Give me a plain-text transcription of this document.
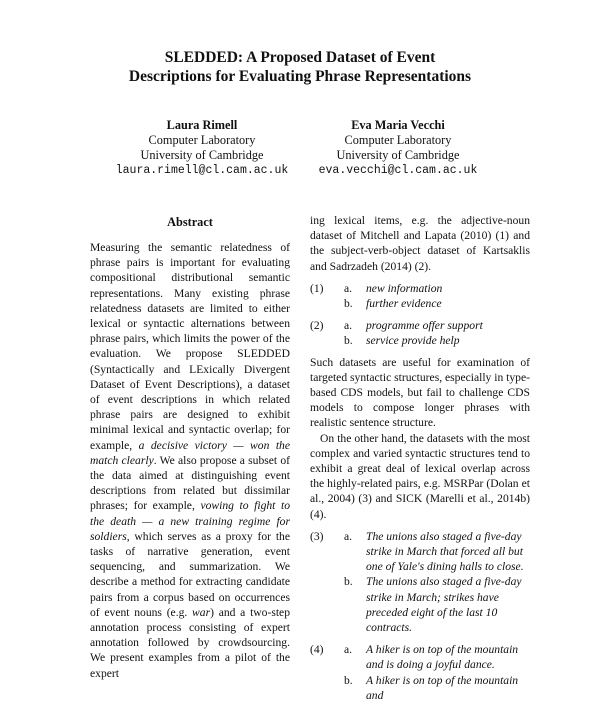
SLEDDED: A Proposed Dataset of Event
Descriptions for Evaluating Phrase Representations
Laura Rimell
Computer Laboratory
University of Cambridge
laura.rimell@cl.cam.ac.uk
Eva Maria Vecchi
Computer Laboratory
University of Cambridge
eva.vecchi@cl.cam.ac.uk
Abstract

Measuring the semantic relatedness of phrase pairs is important for evaluating compositional distributional semantic representations. Many existing phrase relatedness datasets are limited to either lexical or syntactic alternations between phrase pairs, which limits the power of the evaluation. We propose SLEDDED (Syntactically and LExically Divergent Dataset of Event Descriptions), a dataset of event descriptions in which related phrase pairs are designed to exhibit minimal lexical and syntactic overlap; for example, a decisive victory — won the match clearly. We also propose a subset of the data aimed at distinguishing event descriptions from related but dissimilar phrases; for example, vowing to fight to the death — a new training regime for soldiers, which serves as a proxy for the tasks of narrative generation, event sequencing, and summarization. We describe a method for extracting candidate pairs from a corpus based on occurrences of event nouns (e.g. war) and a two-step annotation process consisting of expert annotation followed by crowdsourcing. We present examples from a pilot of the expert

ing lexical items, e.g. the adjective-noun dataset of Mitchell and Lapata (2010) (1) and the subject-verb-object dataset of Kartsaklis and Sadrzadeh (2014) (2).

(1)	a.	new information
b.	further evidence
(2)	a.	programme offer support
b.	service provide help

Such datasets are useful for examination of targeted syntactic structures, especially in type-based CDS models, but fail to challenge CDS models to compose longer phrases with realistic sentence structure.

On the other hand, the datasets with the most complex and varied syntactic structures tend to exhibit a great deal of lexical overlap across the highly-related pairs, e.g. MSRPar (Dolan et al., 2004) (3) and SICK (Marelli et al., 2014b) (4).

(3)	a.	The unions also staged a five-day strike in March that forced all but one of Yale's dining halls to close.
b.	The unions also staged a five-day strike in March; strikes have preceded eight of the last 10 contracts.
(4)	a.	A hiker is on top of the mountain and is doing a joyful dance.
b.	A hiker is on top of the mountain and
